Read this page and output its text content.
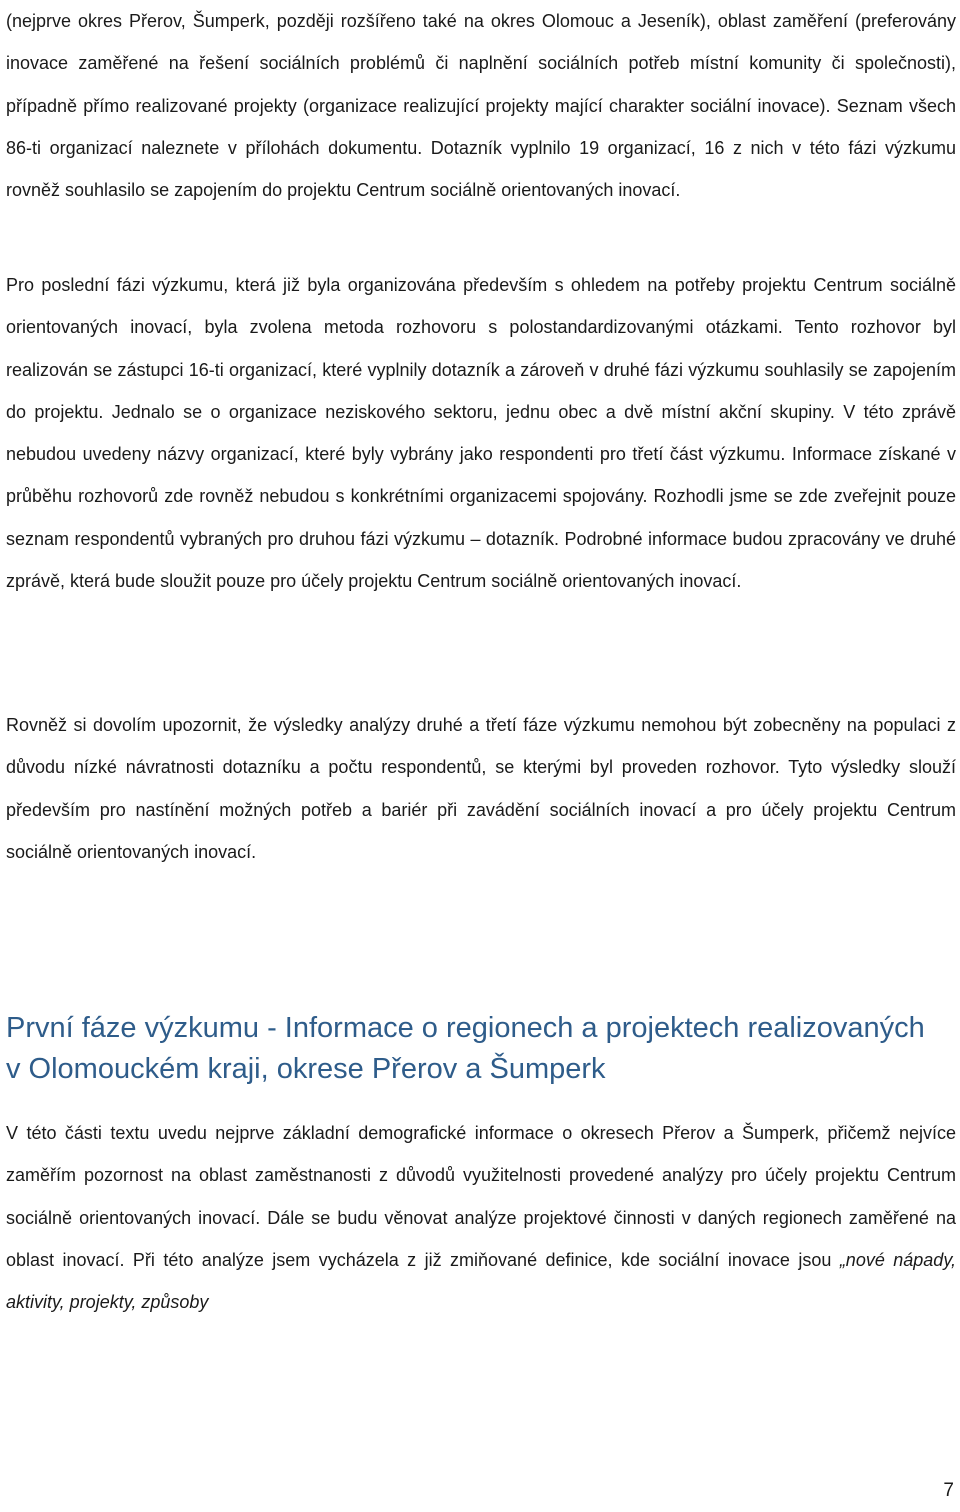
(nejprve okres Přerov, Šumperk, později rozšířeno také na okres Olomouc a Jeseník), oblast zaměření (preferovány inovace zaměřené na řešení sociálních problémů či naplnění sociálních potřeb místní komunity či společnosti), případně přímo realizované projekty (organizace realizující projekty mající charakter sociální inovace). Seznam všech 86-ti organizací naleznete v přílohách dokumentu. Dotazník vyplnilo 19 organizací, 16 z nich v této fázi výzkumu rovněž souhlasilo se zapojením do projektu Centrum sociálně orientovaných inovací.

Pro poslední fázi výzkumu, která již byla organizována především s ohledem na potřeby projektu Centrum sociálně orientovaných inovací, byla zvolena metoda rozhovoru s polostandardizovanými otázkami. Tento rozhovor byl realizován se zástupci 16-ti organizací, které vyplnily dotazník a zároveň v druhé fázi výzkumu souhlasily se zapojením do projektu. Jednalo se o organizace neziskového sektoru, jednu obec a dvě místní akční skupiny. V této zprávě nebudou uvedeny názvy organizací, které byly vybrány jako respondenti pro třetí část výzkumu. Informace získané v průběhu rozhovorů zde rovněž nebudou s konkrétními organizacemi spojovány. Rozhodli jsme se zde zveřejnit pouze seznam respondentů vybraných pro druhou fázi výzkumu – dotazník. Podrobné informace budou zpracovány ve druhé zprávě, která bude sloužit pouze pro účely projektu Centrum sociálně orientovaných inovací.

Rovněž si dovolím upozornit, že výsledky analýzy druhé a třetí fáze výzkumu nemohou být zobecněny na populaci z důvodu nízké návratnosti dotazníku a počtu respondentů, se kterými byl proveden rozhovor. Tyto výsledky slouží především pro nastínění možných potřeb a bariér při zavádění sociálních inovací a pro účely projektu Centrum sociálně orientovaných inovací.

První fáze výzkumu - Informace o regionech a projektech realizovaných v Olomouckém kraji, okrese Přerov a Šumperk

V této části textu uvedu nejprve základní demografické informace o okresech Přerov a Šumperk, přičemž nejvíce zaměřím pozornost na oblast zaměstnanosti z důvodů využitelnosti provedené analýzy pro účely projektu Centrum sociálně orientovaných inovací. Dále se budu věnovat analýze projektové činnosti v daných regionech zaměřené na oblast inovací. Při této analýze jsem vycházela z již zmiňované definice, kde sociální inovace jsou „nové nápady, aktivity, projekty, způsoby

7
